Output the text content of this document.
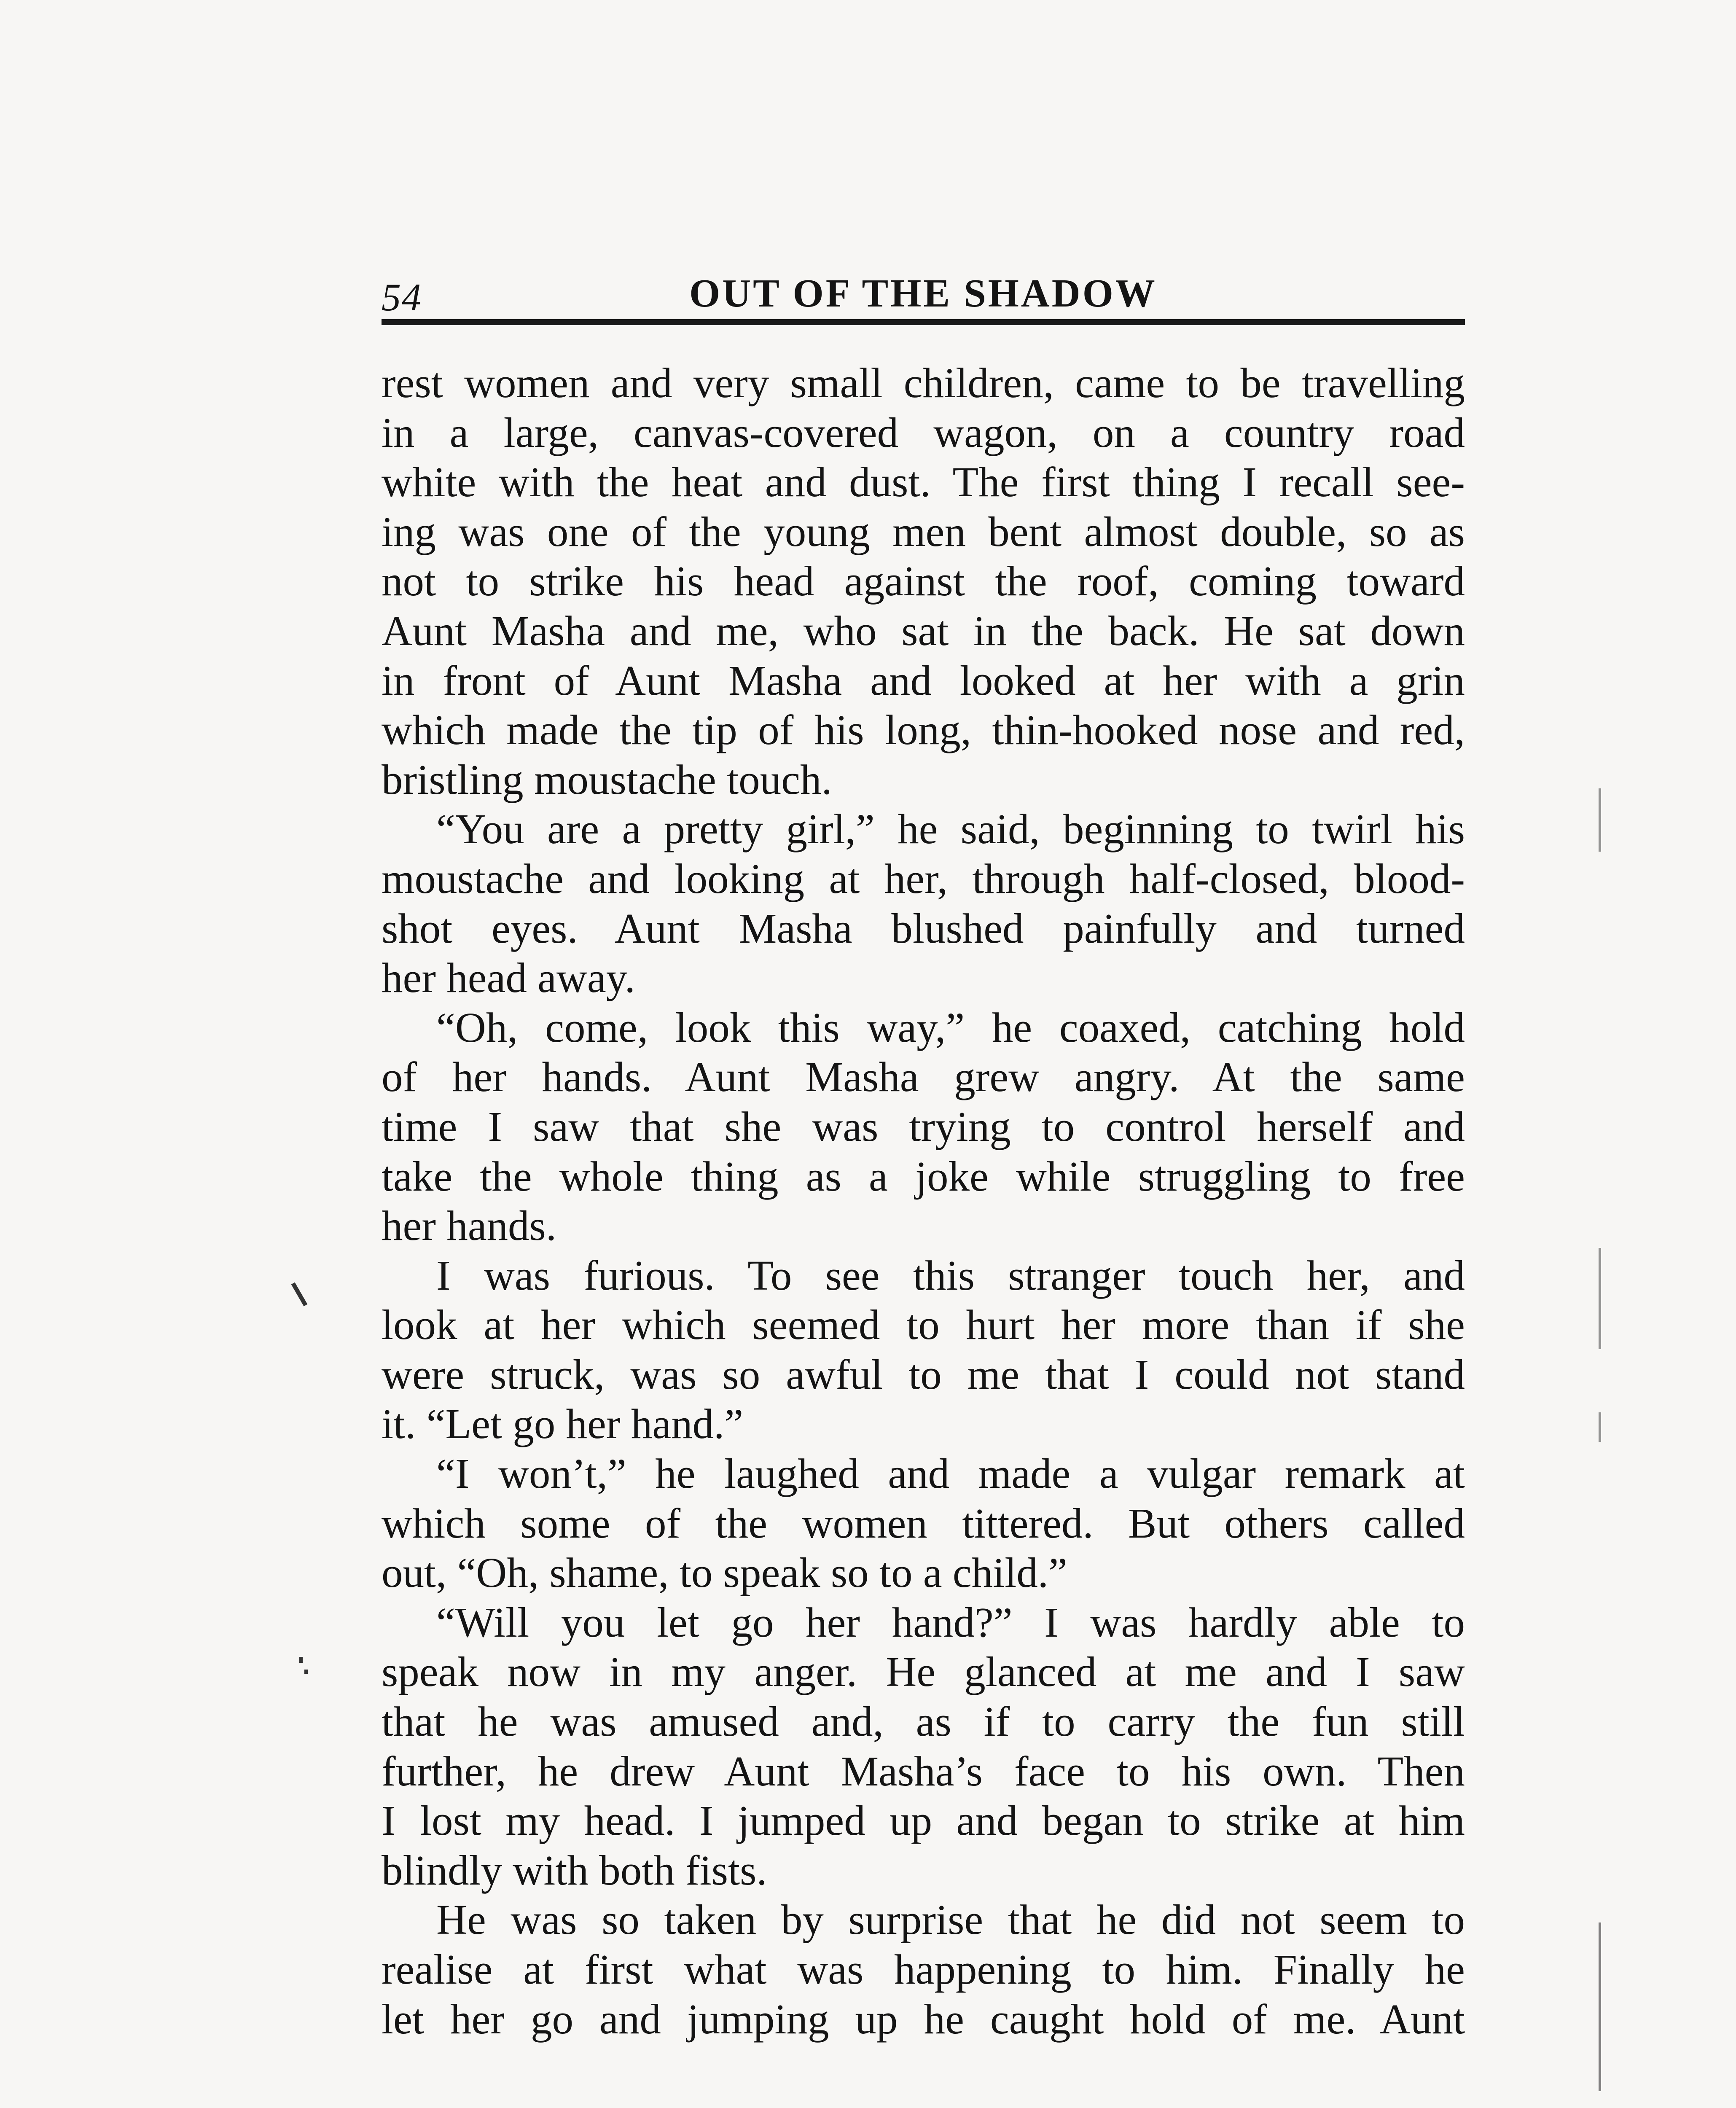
54	OUT OF THE SHADOW
rest women and very small children, came to be travelling
in a large, canvas-covered wagon, on a country road
white with the heat and dust. The first thing I recall see-
ing was one of the young men bent almost double, so as
not to strike his head against the roof, coming toward
Aunt Masha and me, who sat in the back. He sat down
in front of Aunt Masha and looked at her with a grin
which made the tip of his long, thin-hooked nose and red,
bristling moustache touch.
“You are a pretty girl,” he said, beginning to twirl his
moustache and looking at her, through half-closed, blood-
shot eyes. Aunt Masha blushed painfully and turned
her head away.
“Oh, come, look this way,” he coaxed, catching hold
of her hands. Aunt Masha grew angry. At the same
time I saw that she was trying to control herself and
take the whole thing as a joke while struggling to free
her hands.
I was furious. To see this stranger touch her, and
look at her which seemed to hurt her more than if she
were struck, was so awful to me that I could not stand
it. “Let go her hand.”
“I won’t,” he laughed and made a vulgar remark at
which some of the women tittered. But others called
out, “Oh, shame, to speak so to a child.”
“Will you let go her hand?” I was hardly able to
speak now in my anger. He glanced at me and I saw
that he was amused and, as if to carry the fun still
further, he drew Aunt Masha’s face to his own. Then
I lost my head. I jumped up and began to strike at him
blindly with both fists.
He was so taken by surprise that he did not seem to
realise at first what was happening to him. Finally he
let her go and jumping up he caught hold of me. Aunt
